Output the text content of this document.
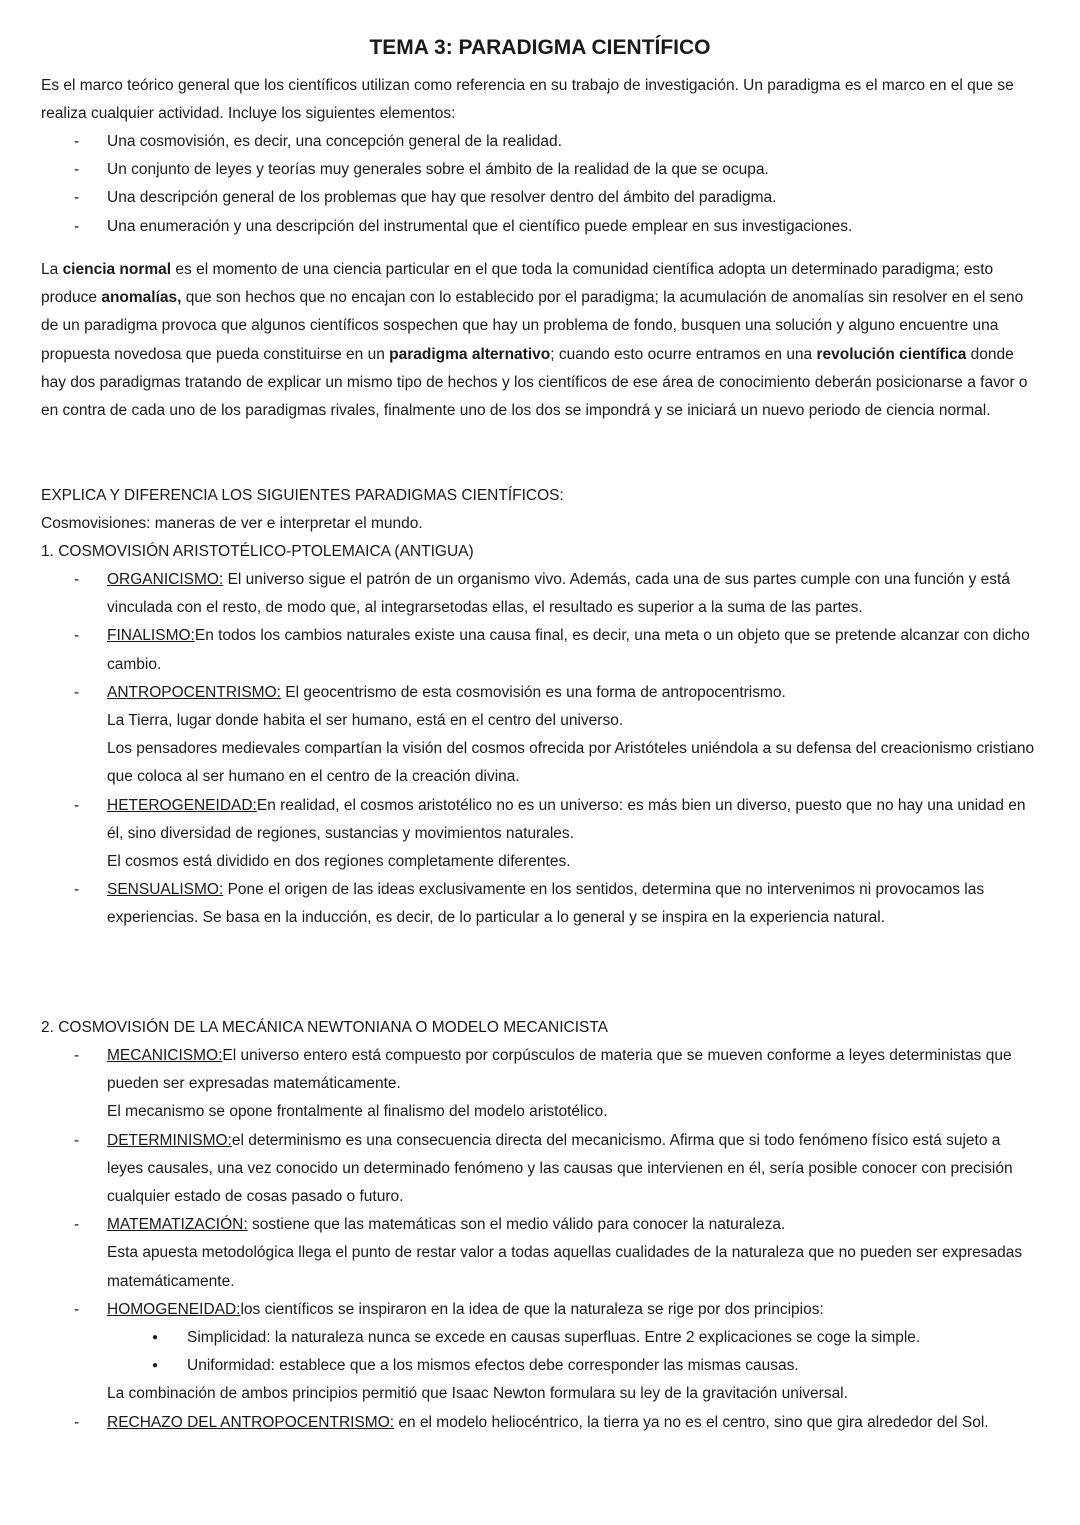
TEMA 3: PARADIGMA CIENTÍFICO

Es el marco teórico general que los científicos utilizan como referencia en su trabajo de investigación. Un paradigma es el marco en el que se realiza cualquier actividad. Incluye los siguientes elementos:

- Una cosmovisión, es decir, una concepción general de la realidad.
- Un conjunto de leyes y teorías muy generales sobre el ámbito de la realidad de la que se ocupa.
- Una descripción general de los problemas que hay que resolver dentro del ámbito del paradigma.
- Una enumeración y una descripción del instrumental que el científico puede emplear en sus investigaciones.

La ciencia normal es el momento de una ciencia particular en el que toda la comunidad científica adopta un determinado paradigma; esto produce anomalías, que son hechos que no encajan con lo establecido por el paradigma; la acumulación de anomalías sin resolver en el seno de un paradigma provoca que algunos científicos sospechen que hay un problema de fondo, busquen una solución y alguno encuentre una propuesta novedosa que pueda constituirse en un paradigma alternativo; cuando esto ocurre entramos en una revolución científica donde hay dos paradigmas tratando de explicar un mismo tipo de hechos y los científicos de ese área de conocimiento deberán posicionarse a favor o en contra de cada uno de los paradigmas rivales, finalmente uno de los dos se impondrá y se iniciará un nuevo periodo de ciencia normal.

EXPLICA Y DIFERENCIA LOS SIGUIENTES PARADIGMAS CIENTÍFICOS:

Cosmovisiones: maneras de ver e interpretar el mundo.

1. COSMOVISIÓN ARISTOTÉLICO-PTOLEMAICA (ANTIGUA)

- ORGANICISMO: El universo sigue el patrón de un organismo vivo. Además, cada una de sus partes cumple con una función y está vinculada con el resto, de modo que, al integrarsetodas ellas, el resultado es superior a la suma de las partes.
- FINALISMO:En todos los cambios naturales existe una causa final, es decir, una meta o un objeto que se pretende alcanzar con dicho cambio.
- ANTROPOCENTRISMO: El geocentrismo de esta cosmovisión es una forma de antropocentrismo.
La Tierra, lugar donde habita el ser humano, está en el centro del universo.
Los pensadores medievales compartían la visión del cosmos ofrecida por Aristóteles uniéndola a su defensa del creacionismo cristiano que coloca al ser humano en el centro de la creación divina.
- HETEROGENEIDAD:En realidad, el cosmos aristotélico no es un universo: es más bien un diverso, puesto que no hay una unidad en él, sino diversidad de regiones, sustancias y movimientos naturales.
El cosmos está dividido en dos regiones completamente diferentes.
- SENSUALISMO: Pone el origen de las ideas exclusivamente en los sentidos, determina que no intervenimos ni provocamos las experiencias. Se basa en la inducción, es decir, de lo particular a lo general y se inspira en la experiencia natural.

2. COSMOVISIÓN DE LA MECÁNICA NEWTONIANA O MODELO MECANICISTA

- MECANICISMO:El universo entero está compuesto por corpúsculos de materia que se mueven conforme a leyes deterministas que pueden ser expresadas matemáticamente.
El mecanismo se opone frontalmente al finalismo del modelo aristotélico.
- DETERMINISMO:el determinismo es una consecuencia directa del mecanicismo. Afirma que si todo fenómeno físico está sujeto a leyes causales, una vez conocido un determinado fenómeno y las causas que intervienen en él, sería posible conocer con precisión cualquier estado de cosas pasado o futuro.
- MATEMATIZACIÓN: sostiene que las matemáticas son el medio válido para conocer la naturaleza.
Esta apuesta metodológica llega el punto de restar valor a todas aquellas cualidades de la naturaleza que no pueden ser expresadas matemáticamente.
- HOMOGENEIDAD:los científicos se inspiraron en la idea de que la naturaleza se rige por dos principios:
● Simplicidad: la naturaleza nunca se excede en causas superfluas. Entre 2 explicaciones se coge la simple.
● Uniformidad: establece que a los mismos efectos debe corresponder las mismas causas.
La combinación de ambos principios permitió que Isaac Newton formulara su ley de la gravitación universal.
- RECHAZO DEL ANTROPOCENTRISMO: en el modelo heliocéntrico, la tierra ya no es el centro, sino que gira alrededor del Sol.
